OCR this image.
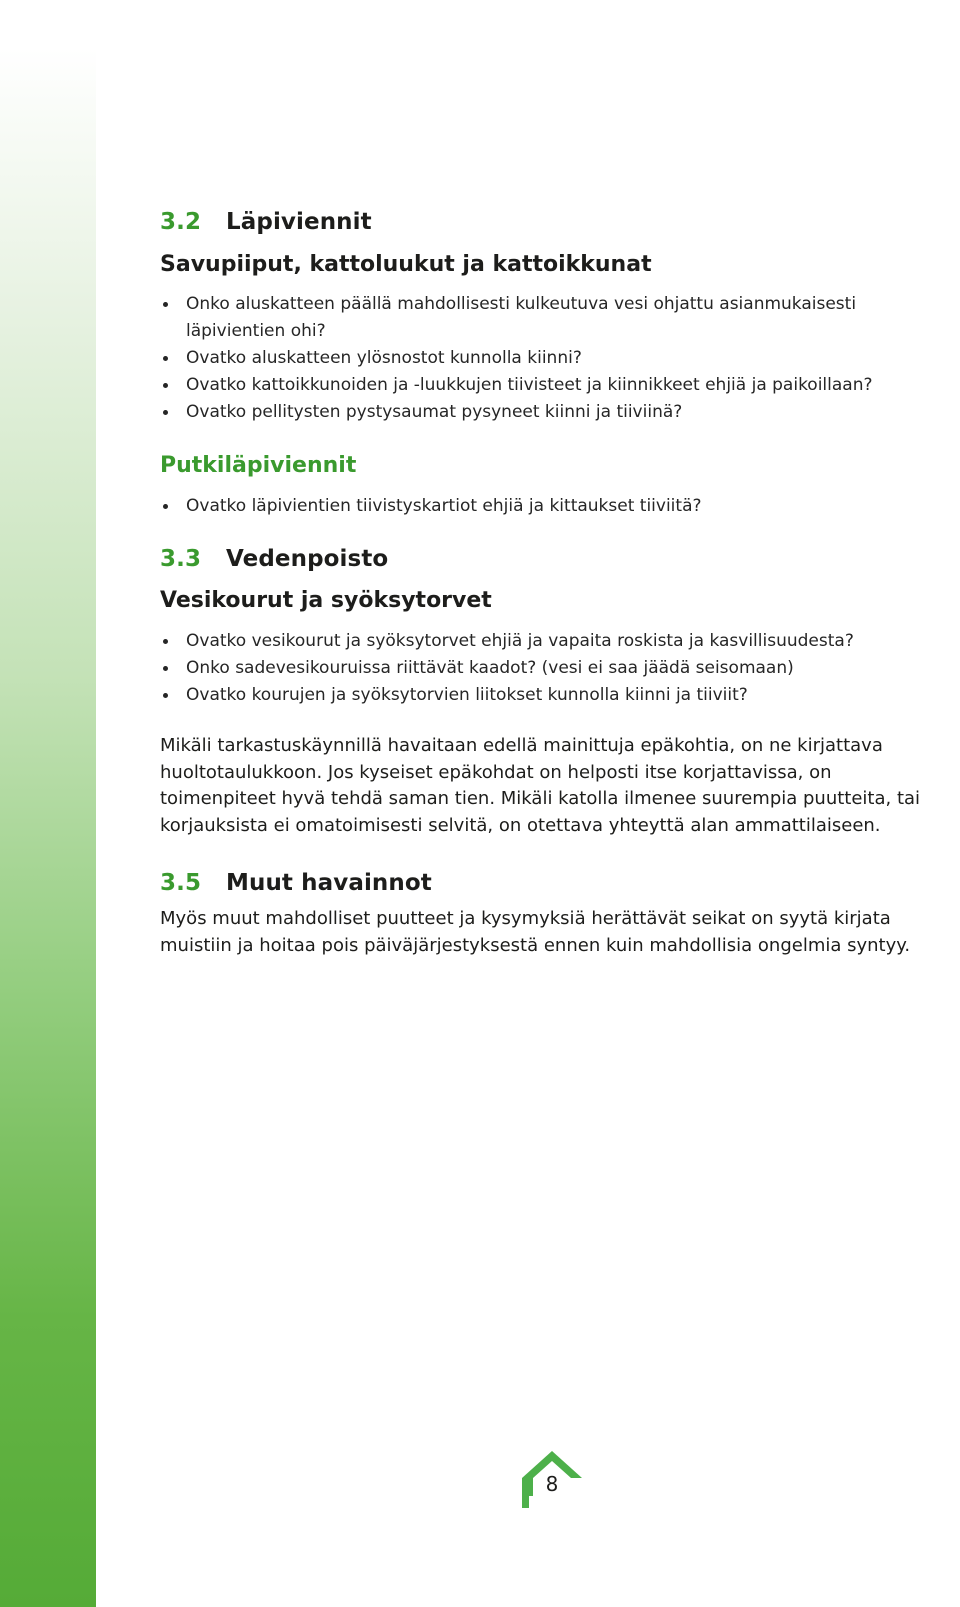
3.2 Läpiviennit
Savupiiput, kattoluukut ja kattoikkunat
Onko aluskatteen päällä mahdollisesti kulkeutuva vesi ohjattu asianmukaisesti läpivientien ohi?
Ovatko aluskatteen ylösnostot kunnolla kiinni?
Ovatko kattoikkunoiden ja -luukkujen tiivisteet ja kiinnikkeet ehjiä ja paikoillaan?
Ovatko pellitysten pystysaumat pysyneet kiinni ja tiiviinä?
Putkiläpiviennit
Ovatko läpivientien tiivistyskartiot ehjiä ja kittaukset tiiviitä?
3.3 Vedenpoisto
Vesikourut ja syöksytorvet
Ovatko vesikourut ja syöksytorvet ehjiä ja vapaita roskista ja kasvillisuudesta?
Onko sadevesikouruissa riittävät kaadot? (vesi ei saa jäädä seisomaan)
Ovatko kourujen ja syöksytorvien liitokset kunnolla kiinni ja tiiviit?

Mikäli tarkastuskäynnillä havaitaan edellä mainittuja epäkohtia, on ne kirjattava huoltotaulukkoon. Jos kyseiset epäkohdat on helposti itse korjattavissa, on toimenpiteet hyvä tehdä saman tien. Mikäli katolla ilmenee suurempia puutteita, tai korjauksista ei omatoimisesti selvitä, on otettava yhteyttä alan ammattilaiseen.

3.5 Muut havainnot

Myös muut mahdolliset puutteet ja kysymyksiä herättävät seikat on syytä kirjata muistiin ja hoitaa pois päiväjärjestyksestä ennen kuin mahdollisia ongelmia syntyy.

8
